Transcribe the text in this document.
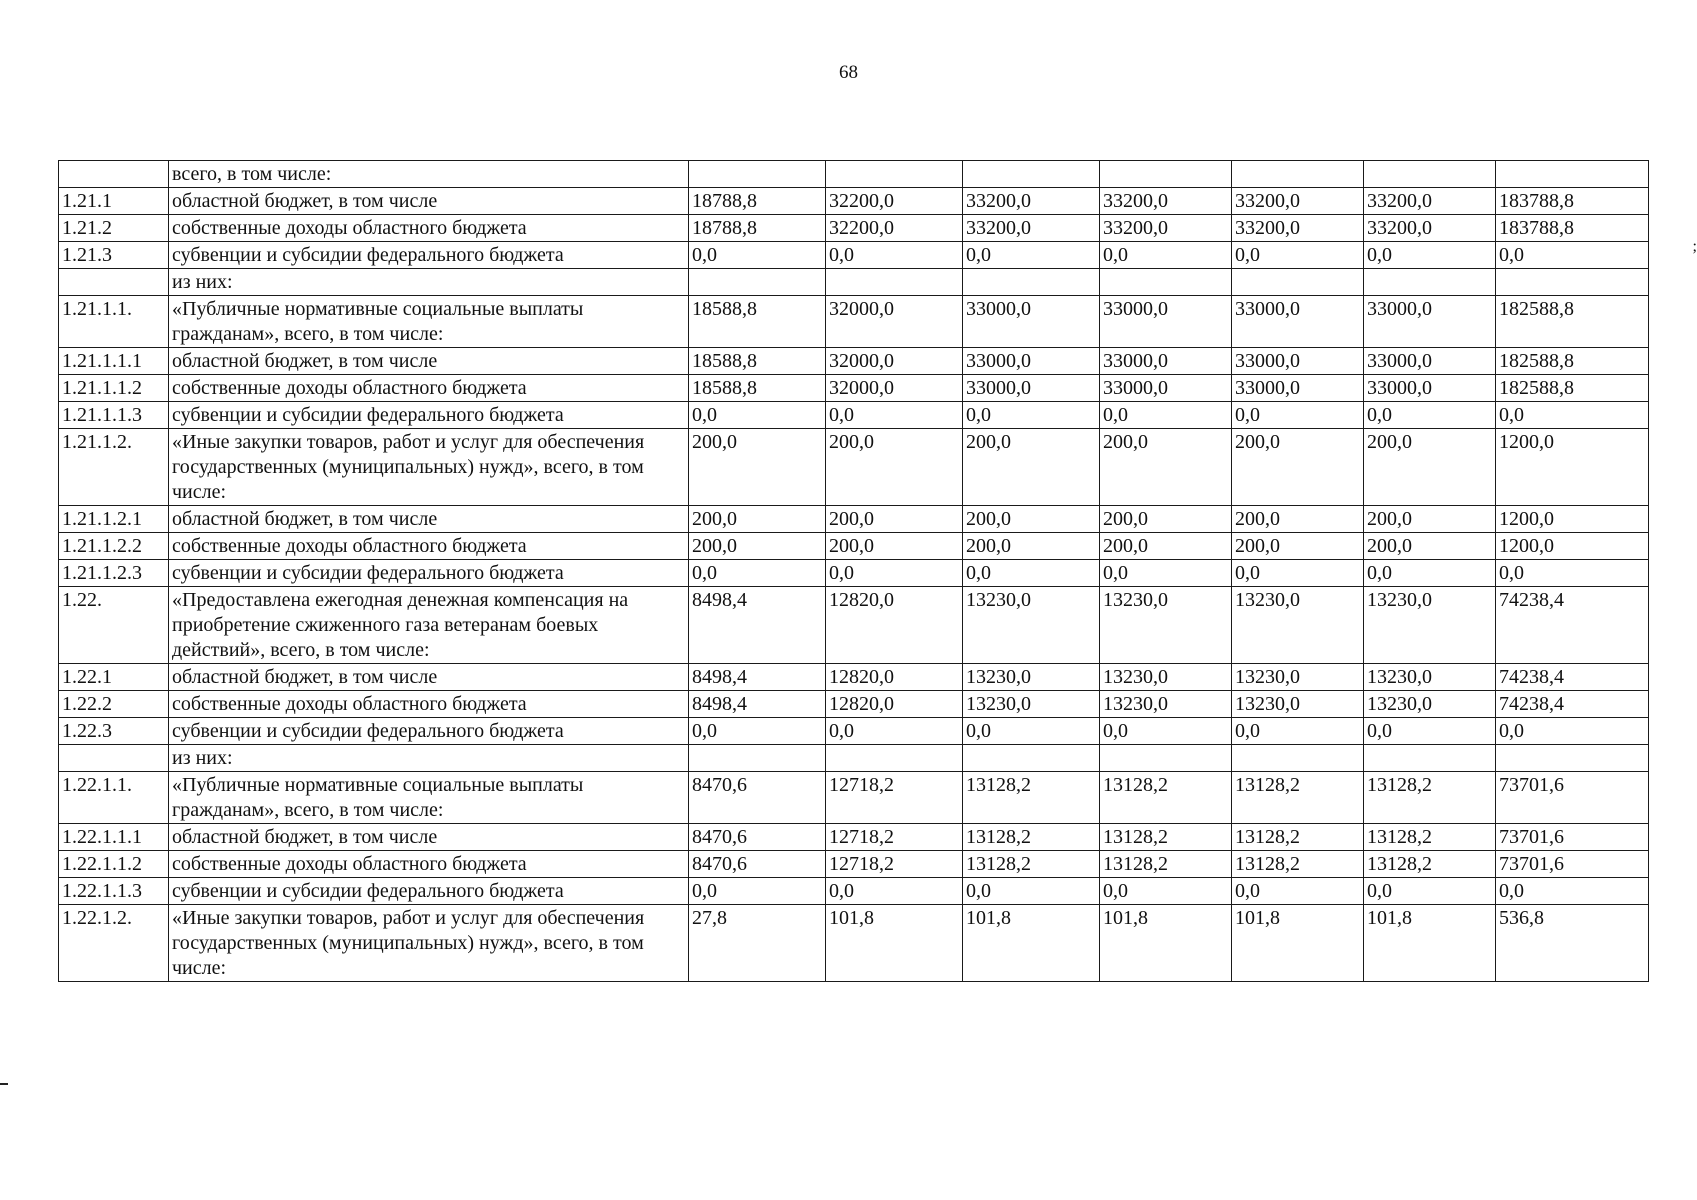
68
;
	всего, в том числе:							
1.21.1	областной бюджет, в том числе	18788,8	32200,0	33200,0	33200,0	33200,0	33200,0	183788,8
1.21.2	собственные доходы областного бюджета	18788,8	32200,0	33200,0	33200,0	33200,0	33200,0	183788,8
1.21.3	субвенции и субсидии федерального бюджета	0,0	0,0	0,0	0,0	0,0	0,0	0,0
	из них:							
1.21.1.1.	«Публичные нормативные социальные выплаты гражданам», всего, в том числе:	18588,8	32000,0	33000,0	33000,0	33000,0	33000,0	182588,8
1.21.1.1.1	областной бюджет, в том числе	18588,8	32000,0	33000,0	33000,0	33000,0	33000,0	182588,8
1.21.1.1.2	собственные доходы областного бюджета	18588,8	32000,0	33000,0	33000,0	33000,0	33000,0	182588,8
1.21.1.1.3	субвенции и субсидии федерального бюджета	0,0	0,0	0,0	0,0	0,0	0,0	0,0
1.21.1.2.	«Иные закупки товаров, работ и услуг для обеспечения государственных (муниципальных) нужд», всего, в том числе:	200,0	200,0	200,0	200,0	200,0	200,0	1200,0
1.21.1.2.1	областной бюджет, в том числе	200,0	200,0	200,0	200,0	200,0	200,0	1200,0
1.21.1.2.2	собственные доходы областного бюджета	200,0	200,0	200,0	200,0	200,0	200,0	1200,0
1.21.1.2.3	субвенции и субсидии федерального бюджета	0,0	0,0	0,0	0,0	0,0	0,0	0,0
1.22.	«Предоставлена ежегодная денежная компенсация на приобретение сжиженного газа ветеранам боевых действий», всего, в том числе:	8498,4	12820,0	13230,0	13230,0	13230,0	13230,0	74238,4
1.22.1	областной бюджет, в том числе	8498,4	12820,0	13230,0	13230,0	13230,0	13230,0	74238,4
1.22.2	собственные доходы областного бюджета	8498,4	12820,0	13230,0	13230,0	13230,0	13230,0	74238,4
1.22.3	субвенции и субсидии федерального бюджета	0,0	0,0	0,0	0,0	0,0	0,0	0,0
	из них:							
1.22.1.1.	«Публичные нормативные социальные выплаты гражданам», всего, в том числе:	8470,6	12718,2	13128,2	13128,2	13128,2	13128,2	73701,6
1.22.1.1.1	областной бюджет, в том числе	8470,6	12718,2	13128,2	13128,2	13128,2	13128,2	73701,6
1.22.1.1.2	собственные доходы областного бюджета	8470,6	12718,2	13128,2	13128,2	13128,2	13128,2	73701,6
1.22.1.1.3	субвенции и субсидии федерального бюджета	0,0	0,0	0,0	0,0	0,0	0,0	0,0
1.22.1.2.	«Иные закупки товаров, работ и услуг для обеспечения государственных (муниципальных) нужд», всего, в том числе:	27,8	101,8	101,8	101,8	101,8	101,8	536,8
